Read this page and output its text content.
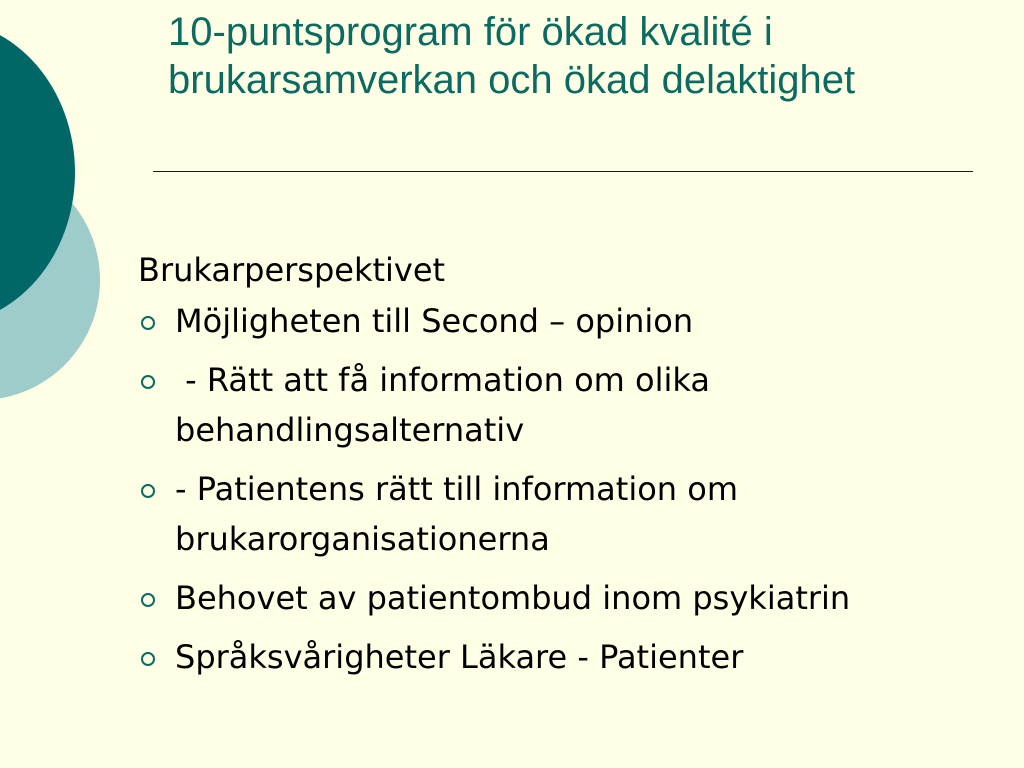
10-puntsprogram för ökad kvalité i brukarsamverkan och ökad delaktighet

Brukarperspektivet

Möjligheten till Second – opinion
- Rätt att få information om olika behandlingsalternativ
- Patientens rätt till information om brukarorganisationerna
Behovet av patientombud inom psykiatrin
Språksvårigheter Läkare - Patienter
